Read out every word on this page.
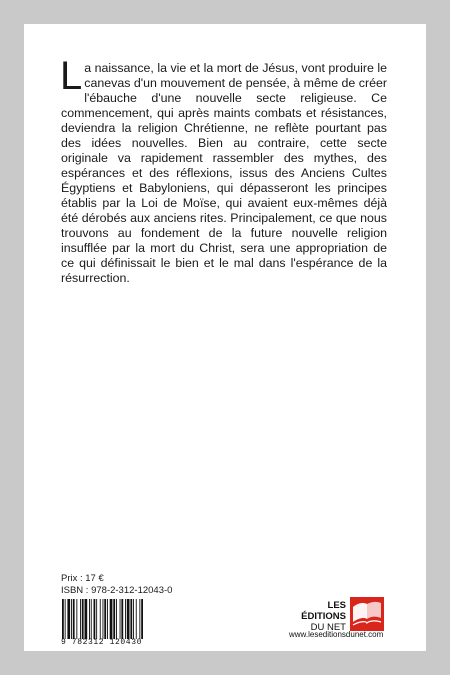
La naissance, la vie et la mort de Jésus, vont produire le canevas d'un mouvement de pensée, à même de créer l'ébauche d'une nouvelle secte religieuse. Ce commencement, qui après maints combats et résistances, deviendra la religion Chrétienne, ne reflète pourtant pas des idées nouvelles. Bien au contraire, cette secte originale va rapidement rassembler des mythes, des espérances et des réflexions, issus des Anciens Cultes Égyptiens et Babyloniens, qui dépasseront les principes établis par la Loi de Moïse, qui avaient eux-mêmes déjà été dérobés aux anciens rites. Principalement, ce que nous trouvons au fondement de la future nouvelle religion insufflée par la mort du Christ, sera une appropriation de ce qui définissait le bien et le mal dans l'espérance de la résurrection.

Prix : 17 €
ISBN : 978-2-312-12043-0
9 782312 120430
LES ÉDITIONS
DU NET
www.leseditionsdunet.com
